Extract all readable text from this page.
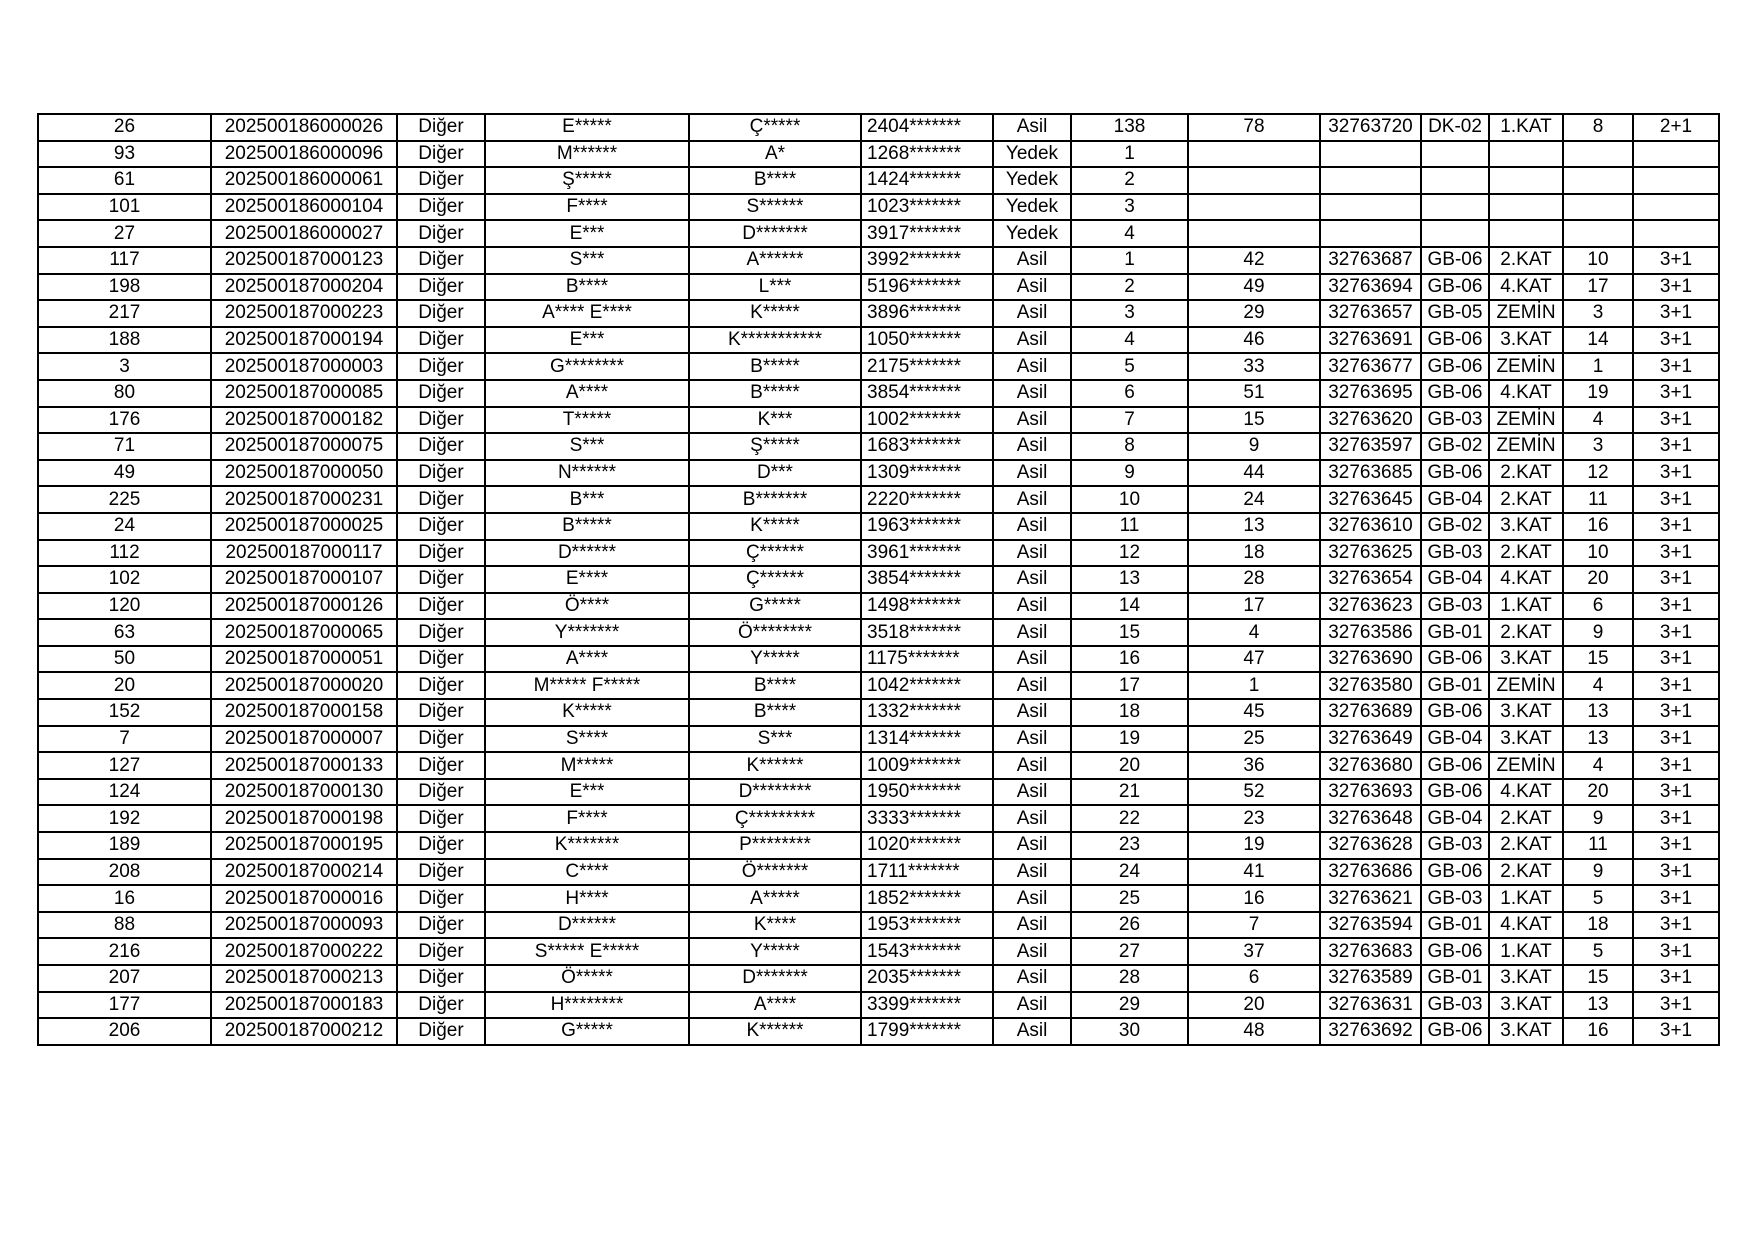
26	202500186000026	Diğer	E*****	Ç*****	2404*******	Asil	138	78	32763720	DK-02	1.KAT	8	2+1
93	202500186000096	Diğer	M******	A*	1268*******	Yedek	1						
61	202500186000061	Diğer	Ş*****	B****	1424*******	Yedek	2						
101	202500186000104	Diğer	F****	S******	1023*******	Yedek	3						
27	202500186000027	Diğer	E***	D*******	3917*******	Yedek	4						
117	202500187000123	Diğer	S***	A******	3992*******	Asil	1	42	32763687	GB-06	2.KAT	10	3+1
198	202500187000204	Diğer	B****	L***	5196*******	Asil	2	49	32763694	GB-06	4.KAT	17	3+1
217	202500187000223	Diğer	A**** E****	K*****	3896*******	Asil	3	29	32763657	GB-05	ZEMİN	3	3+1
188	202500187000194	Diğer	E***	K***********	1050*******	Asil	4	46	32763691	GB-06	3.KAT	14	3+1
3	202500187000003	Diğer	G********	B*****	2175*******	Asil	5	33	32763677	GB-06	ZEMİN	1	3+1
80	202500187000085	Diğer	A****	B*****	3854*******	Asil	6	51	32763695	GB-06	4.KAT	19	3+1
176	202500187000182	Diğer	T*****	K***	1002*******	Asil	7	15	32763620	GB-03	ZEMİN	4	3+1
71	202500187000075	Diğer	S***	Ş*****	1683*******	Asil	8	9	32763597	GB-02	ZEMİN	3	3+1
49	202500187000050	Diğer	N******	D***	1309*******	Asil	9	44	32763685	GB-06	2.KAT	12	3+1
225	202500187000231	Diğer	B***	B*******	2220*******	Asil	10	24	32763645	GB-04	2.KAT	11	3+1
24	202500187000025	Diğer	B*****	K*****	1963*******	Asil	11	13	32763610	GB-02	3.KAT	16	3+1
112	202500187000117	Diğer	D******	Ç******	3961*******	Asil	12	18	32763625	GB-03	2.KAT	10	3+1
102	202500187000107	Diğer	E****	Ç******	3854*******	Asil	13	28	32763654	GB-04	4.KAT	20	3+1
120	202500187000126	Diğer	Ö****	G*****	1498*******	Asil	14	17	32763623	GB-03	1.KAT	6	3+1
63	202500187000065	Diğer	Y*******	Ö********	3518*******	Asil	15	4	32763586	GB-01	2.KAT	9	3+1
50	202500187000051	Diğer	A****	Y*****	1175*******	Asil	16	47	32763690	GB-06	3.KAT	15	3+1
20	202500187000020	Diğer	M***** F*****	B****	1042*******	Asil	17	1	32763580	GB-01	ZEMİN	4	3+1
152	202500187000158	Diğer	K*****	B****	1332*******	Asil	18	45	32763689	GB-06	3.KAT	13	3+1
7	202500187000007	Diğer	S****	S***	1314*******	Asil	19	25	32763649	GB-04	3.KAT	13	3+1
127	202500187000133	Diğer	M*****	K******	1009*******	Asil	20	36	32763680	GB-06	ZEMİN	4	3+1
124	202500187000130	Diğer	E***	D********	1950*******	Asil	21	52	32763693	GB-06	4.KAT	20	3+1
192	202500187000198	Diğer	F****	Ç*********	3333*******	Asil	22	23	32763648	GB-04	2.KAT	9	3+1
189	202500187000195	Diğer	K*******	P********	1020*******	Asil	23	19	32763628	GB-03	2.KAT	11	3+1
208	202500187000214	Diğer	C****	Ö*******	1711*******	Asil	24	41	32763686	GB-06	2.KAT	9	3+1
16	202500187000016	Diğer	H****	A*****	1852*******	Asil	25	16	32763621	GB-03	1.KAT	5	3+1
88	202500187000093	Diğer	D******	K****	1953*******	Asil	26	7	32763594	GB-01	4.KAT	18	3+1
216	202500187000222	Diğer	S***** E*****	Y*****	1543*******	Asil	27	37	32763683	GB-06	1.KAT	5	3+1
207	202500187000213	Diğer	Ö*****	D*******	2035*******	Asil	28	6	32763589	GB-01	3.KAT	15	3+1
177	202500187000183	Diğer	H********	A****	3399*******	Asil	29	20	32763631	GB-03	3.KAT	13	3+1
206	202500187000212	Diğer	G*****	K******	1799*******	Asil	30	48	32763692	GB-06	3.KAT	16	3+1
